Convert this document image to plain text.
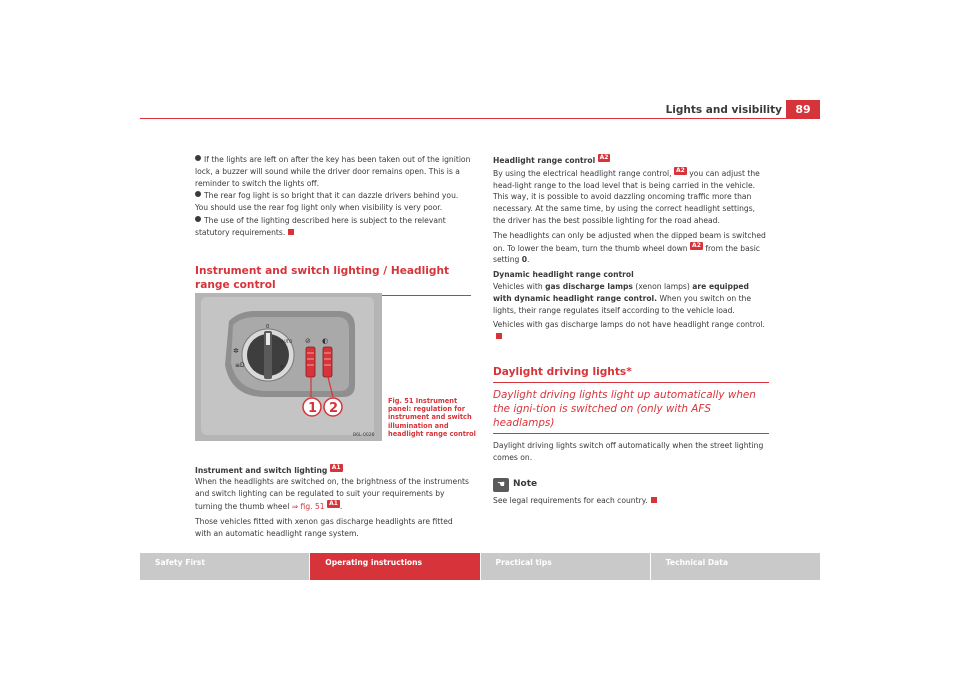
89
Lights and visibility

If the lights are left on after the key has been taken out of the ignition lock, a buzzer will sound while the driver door remains open. This is a reminder to switch the lights off.

The rear fog light is so bright that it can dazzle drivers behind you. You should use the rear fog light only when visibility is very poor.

The use of the lighting described here is subject to the relevant statutory requirements.

Instrument and switch lighting / Headlight range control

Instrument and switch lighting A1

When the headlights are switched on, the brightness of the instruments and switch lighting can be regulated to suit your requirements by turning the thumb wheel ⇒ fig. 51 A1 .

Those vehicles fitted with xenon gas discharge headlights are fitted with an automatic headlight range system.

0
AUTO
✲
≡D	☼
⊘ ◐
1 2
B6L-0026
Fig. 51 Instrument panel: regulation for instrument and switch illumination and headlight range control

Headlight range control A2

By using the electrical headlight range control, A2 you can adjust the head-light range to the load level that is being carried in the vehicle. This way, it is possible to avoid dazzling oncoming traffic more than necessary. At the same time, by using the correct headlight settings, the driver has the best possible lighting for the road ahead.

The headlights can only be adjusted when the dipped beam is switched on. To lower the beam, turn the thumb wheel down A2 from the basic setting 0.

Dynamic headlight range control

Vehicles with gas discharge lamps (xenon lamps) are equipped with dynamic headlight range control. When you switch on the lights, their range regulates itself according to the vehicle load.

Vehicles with gas discharge lamps do not have headlight range control.

Daylight driving lights*
Daylight driving lights light up automatically when the igni-tion is switched on (only with AFS headlamps)

Daylight driving lights switch off automatically when the street lighting comes on.

☚ Note

See legal requirements for each country.

Safety First	Operating instructions	Practical tips	Technical Data
